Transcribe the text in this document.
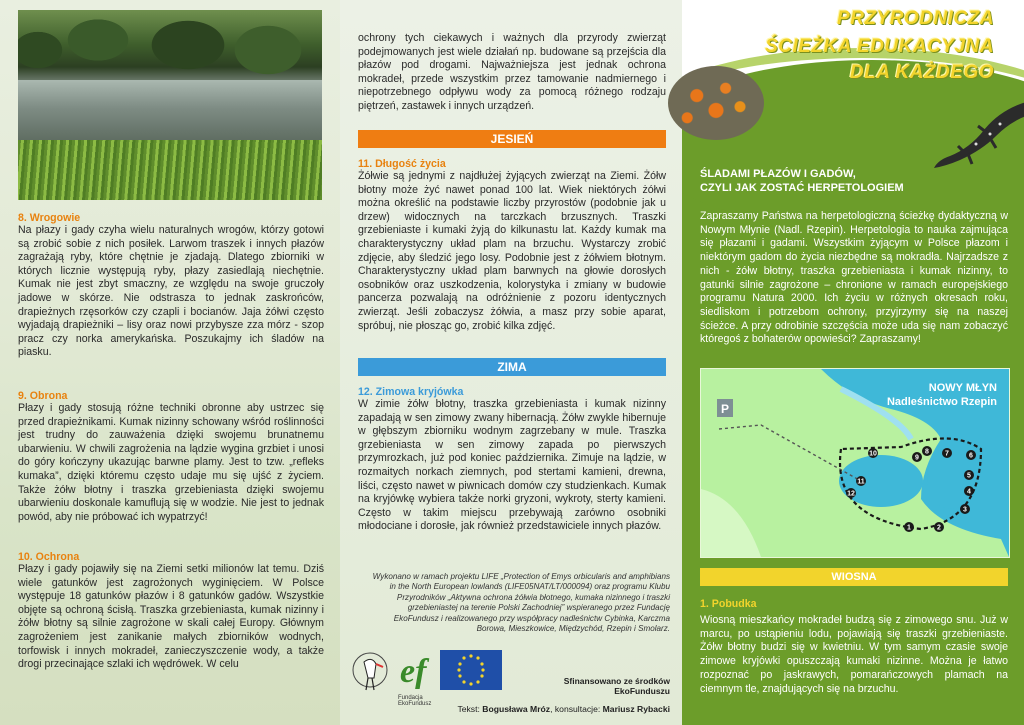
8. Wrogowie

Na płazy i gady czyha wielu naturalnych wrogów, którzy gotowi są zrobić sobie z nich posiłek. Larwom traszek i innych płazów zagrażają ryby, które chętnie je zjadają. Dlatego zbiorniki w których licznie występują ryby, płazy zasiedlają niechętnie. Kumak nie jest zbyt smaczny, ze względu na swoje gruczoły jadowe w skórze. Nie odstrasza to jednak zaskrońców, drapieżnych rzęsorków czy czapli i bocianów. Jaja żółwi często wyjadają drapieżniki – lisy oraz nowi przybysze zza mórz - szop pracz czy norka amerykańska. Poszukajmy ich śladów na piasku.

9. Obrona

Płazy i gady stosują różne techniki obronne aby ustrzec się przed drapieżnikami. Kumak nizinny schowany wśród roślinności jest trudny do zauważenia dzięki swojemu brunatnemu ubarwieniu. W chwili zagrożenia na lądzie wygina grzbiet i unosi do góry kończyny ukazując barwne plamy. Jest to tzw. „refleks kumaka”, dzięki któremu często udaje mu się ujść z życiem. Także żółw błotny i traszka grzebieniasta dzięki swojemu ubarwieniu doskonale kamuflują się w wodzie. Nie jest to jednak powód, aby nie próbować ich wypatrzyć!

10. Ochrona

Płazy i gady pojawiły się na Ziemi setki milionów lat temu. Dziś wiele gatunków jest zagrożonych wyginięciem. W Polsce występuje 18 gatunków płazów i 8 gatunków gadów. Wszystkie objęte są ochroną ścisłą. Traszka grzebieniasta, kumak nizinny i żółw błotny są silnie zagrożone w skali całej Europy. Głównym zagrożeniem jest zanikanie małych zbiorników wodnych, torfowisk i innych mokradeł, zanieczyszczenie wody, a także drogi przecinające szlaki ich wędrówek. W celu
ochrony tych ciekawych i ważnych dla przyrody zwierząt podejmowanych jest wiele działań np. budowane są przejścia dla płazów pod drogami. Najważniejsza jest jednak ochrona mokradeł, przede wszystkim przez tamowanie nadmiernego i niepotrzebnego odpływu wody za pomocą różnego rodzaju piętrzeń, zastawek i innych urządzeń.
JESIEŃ

11. Długość życia

Żółwie są jednymi z najdłużej żyjących zwierząt na Ziemi. Żółw błotny może żyć nawet ponad 100 lat. Wiek niektórych żółwi można określić na podstawie liczby przyrostów (podobnie jak u drzew) widocznych na tarczkach brzusznych. Traszki grzebieniaste i kumaki żyją do kilkunastu lat. Każdy kumak ma charakterystyczny układ plam na brzuchu. Wystarczy zrobić zdjęcie, aby śledzić jego losy. Podobnie jest z żółwiem błotnym. Charakterystyczny układ plam barwnych na głowie dorosłych osobników oraz uszkodzenia, kolorystyka i zmiany w budowie pancerza pozwalają na odróżnienie z pozoru identycznych zwierząt. Jeśli zobaczysz żółwia, a masz przy sobie aparat, spróbuj, nie płosząc go, zrobić kilka zdjęć.
ZIMA

12. Zimowa kryjówka

W zimie żółw błotny, traszka grzebieniasta i kumak nizinny zapadają w sen zimowy zwany hibernacją. Żółw zwykle hibernuje w głębszym zbiorniku wodnym zagrzebany w mule. Traszka grzebieniasta w sen zimowy zapada po pierwszych przymrozkach, już pod koniec października. Zimuje na lądzie, w rozmaitych norkach ziemnych, pod stertami kamieni, drewna, liści, często nawet w piwnicach domów czy studzienkach. Kumak na kryjówkę wybiera także norki gryzoni, wykroty, sterty kamieni. Często w takim miejscu przebywają zarówno osobniki młodociane i dorosłe, jak również przedstawiciele innych płazów.
Wykonano w ramach projektu LIFE „Protection of Emys orbicularis and amphibians in the North European lowlands (LIFE05NAT/LT/000094) oraz programu Klubu Przyrodników „Aktywna ochrona żółwia błotnego, kumaka nizinnego i traszki grzebieniastej na terenie Polski Zachodniej” wspieranego przez Fundację EkoFundusz i realizowanego przy współpracy nadleśnictw Cybinka, Karczma Borowa, Mieszkowice, Międzychód, Rzepin i Smolarz.
ef
Fundacja EkoFundusz
Sfinansowano ze środków EkoFunduszu
Tekst: Bogusława Mróz, konsultacje: Mariusz Rybacki
PRZYRODNICZA
ŚCIEŻKA EDUKACYJNA
DLA KAŻDEGO
ŚLADAMI PŁAZÓW I GADÓW,
CZYLI JAK ZOSTAĆ HERPETOLOGIEM
Zapraszamy Państwa na herpetologiczną ścieżkę dydaktyczną w Nowym Młynie (Nadl. Rzepin). Herpetologia to nauka zajmująca się płazami i gadami. Wszystkim żyjącym w Polsce płazom i niektórym gadom do życia niezbędne są mokradła. Najrzadsze z nich - żółw błotny, traszka grzebieniasta i kumak nizinny, to gatunki silnie zagrożone – chronione w ramach europejskiego programu Natura 2000. Ich życiu w różnych okresach roku, siedliskom i potrzebom ochrony, przyjrzymy się na naszej ścieżce. A przy odrobinie szczęścia może uda się nam zobaczyć któregoś z bohaterów opowieści? Zapraszamy!
P
1	2
3
4
5
6
7
8
9
10
11
12
NOWY MŁYN
Nadleśnictwo Rzepin
WIOSNA
1. Pobudka
Wiosną mieszkańcy mokradeł budzą się z zimowego snu. Już w marcu, po ustąpieniu lodu, pojawiają się traszki grzebieniaste. Żółw błotny budzi się w kwietniu. W tym samym czasie swoje zimowe kryjówki opuszczają kumaki nizinne. Można je łatwo rozpoznać po jaskrawych, pomarańczowych plamach na ciemnym tle, znajdujących się na brzuchu.
